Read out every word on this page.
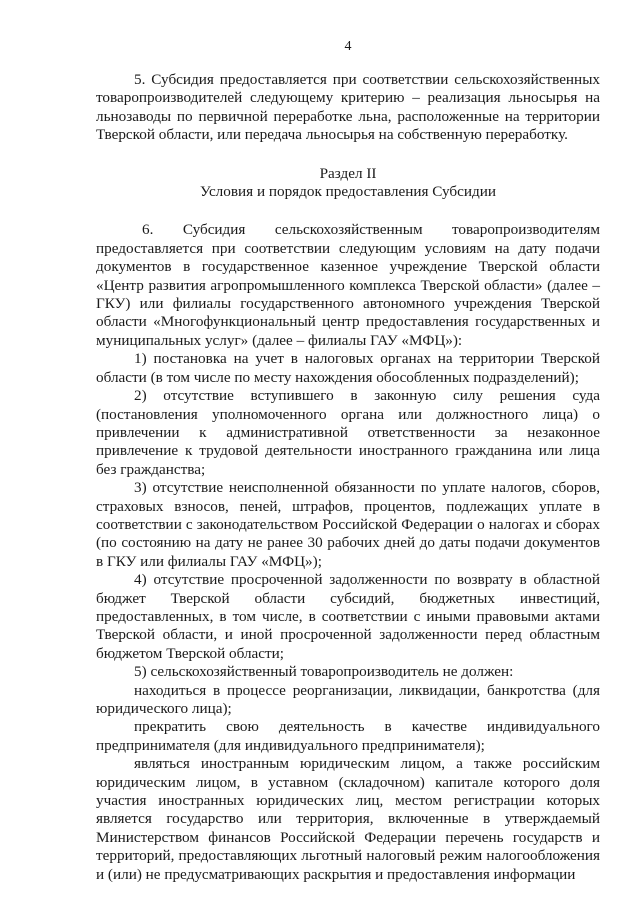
4

5. Субсидия предоставляется при соответствии сельскохозяйственных товаропроизводителей следующему критерию – реализация льносырья на льнозаводы по первичной переработке льна, расположенные на территории Тверской области, или передача льносырья на собственную переработку.

Раздел II
Условия и порядок предоставления Субсидии

6. Субсидия сельскохозяйственным товаропроизводителям предоставляется при соответствии следующим условиям на дату подачи документов в государственное казенное учреждение Тверской области «Центр развития агропромышленного комплекса Тверской области» (далее – ГКУ) или филиалы государственного автономного учреждения Тверской области «Многофункциональный центр предоставления государственных и муниципальных услуг» (далее – филиалы ГАУ «МФЦ»):

1) постановка на учет в налоговых органах на территории Тверской области (в том числе по месту нахождения обособленных подразделений);

2) отсутствие вступившего в законную силу решения суда (постановления уполномоченного органа или должностного лица) о привлечении к административной ответственности за незаконное привлечение к трудовой деятельности иностранного гражданина или лица без гражданства;

3) отсутствие неисполненной обязанности по уплате налогов, сборов, страховых взносов, пеней, штрафов, процентов, подлежащих уплате в соответствии с законодательством Российской Федерации о налогах и сборах (по состоянию на дату не ранее 30 рабочих дней до даты подачи документов в ГКУ или филиалы ГАУ «МФЦ»);

4) отсутствие просроченной задолженности по возврату в областной бюджет Тверской области субсидий, бюджетных инвестиций, предоставленных, в том числе, в соответствии с иными правовыми актами Тверской области, и иной просроченной задолженности перед областным бюджетом Тверской области;

5) сельскохозяйственный товаропроизводитель не должен:

находиться в процессе реорганизации, ликвидации, банкротства (для юридического лица);

прекратить свою деятельность в качестве индивидуального предпринимателя (для индивидуального предпринимателя);

являться иностранным юридическим лицом, а также российским юридическим лицом, в уставном (складочном) капитале которого доля участия иностранных юридических лиц, местом регистрации которых является государство или территория, включенные в утверждаемый Министерством финансов Российской Федерации перечень государств и территорий, предоставляющих льготный налоговый режим налогообложения и (или) не предусматривающих раскрытия и предоставления информации
